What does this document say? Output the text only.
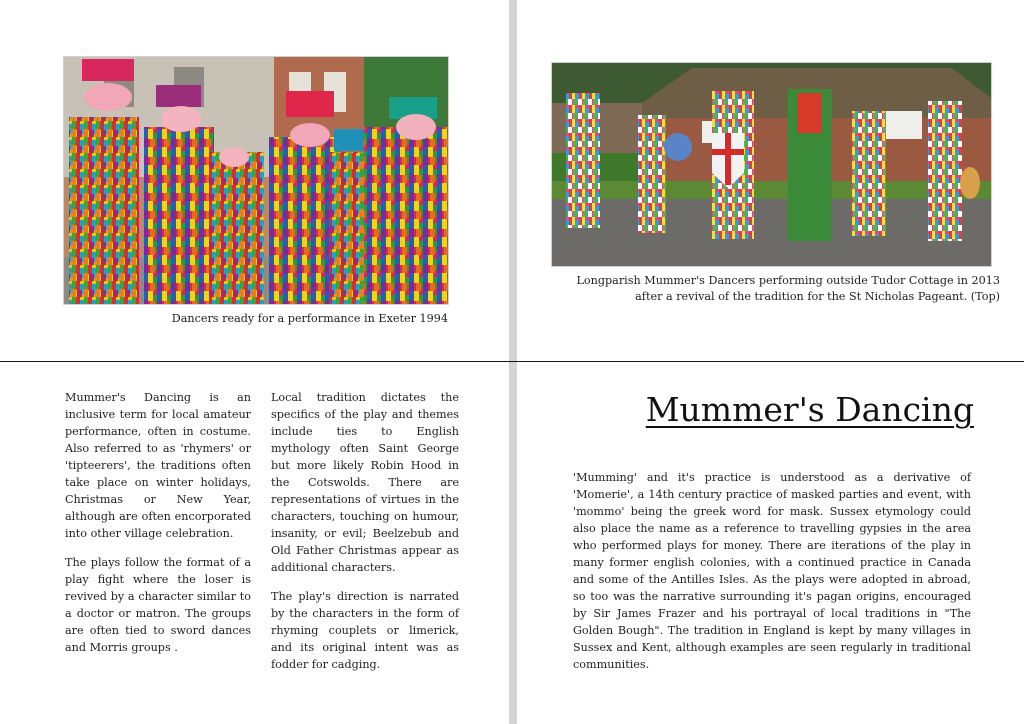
Dancers ready for a performance in Exeter 1994
Longparish Mummer's Dancers performing outside Tudor Cottage in 2013 after a revival of the tradition for the St Nicholas Pageant. (Top)

Mummer's Dancing is an inclusive term for local amateur performance, often in costume. Also referred to as 'rhymers' or 'tipteerers', the traditions often take place on winter holidays, Christmas or New Year, although are often encorporated into other village celebration.

The plays follow the format of a play fight where the loser is revived by a character similar to a doctor or matron. The groups are often tied to sword dances and Morris groups .

Local tradition dictates the specifics of the play and themes include ties to English mythology often Saint George but more likely Robin Hood in the Cotswolds. There are representations of virtues in the characters, touching on humour, insanity, or evil; Beelzebub and Old Father Christmas appear as additional characters.

The play's direction is narrated by the characters in the form of rhyming couplets or limerick, and its original intent was as fodder for cadging.

Mummer's Dancing
'Mumming' and it's practice is understood as a derivative of 'Momerie', a 14th century practice of masked parties and event, with 'mommo' being the greek word for mask. Sussex etymology could also place the name as a reference to travelling gypsies in the area who performed plays for money. There are iterations of the play in many former english colonies, with a continued practice in Canada and some of the Antilles Isles. As the plays were adopted in abroad, so too was the narrative surrounding it's pagan origins, encouraged by Sir James Frazer and his portrayal of local traditions in "The Golden Bough". The tradition in England is kept by many villages in Sussex and Kent, although examples are seen regularly in traditional communities.
